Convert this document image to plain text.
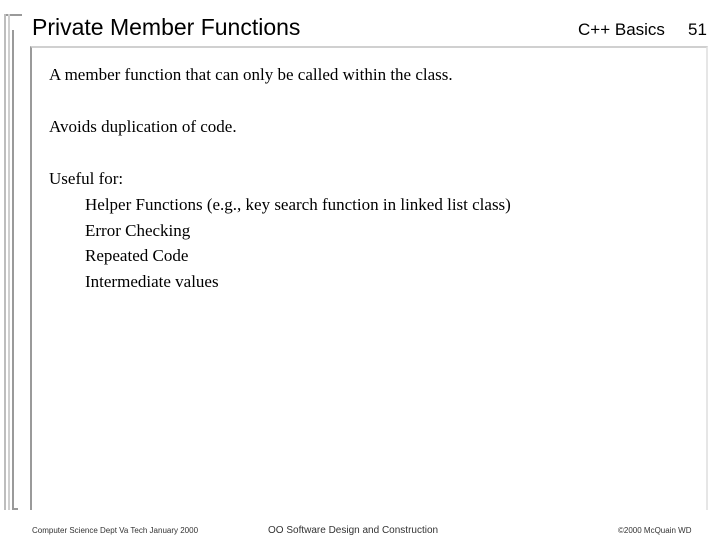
Private Member Functions	C++ Basics 51
A member function that can only be called within the class.
Avoids duplication of code.
Useful for:
Helper Functions (e.g., key search function in linked list class)
Error Checking
Repeated Code
Intermediate values
Computer Science Dept Va Tech January 2000	OO Software Design and Construction	©2000 McQuain WD
